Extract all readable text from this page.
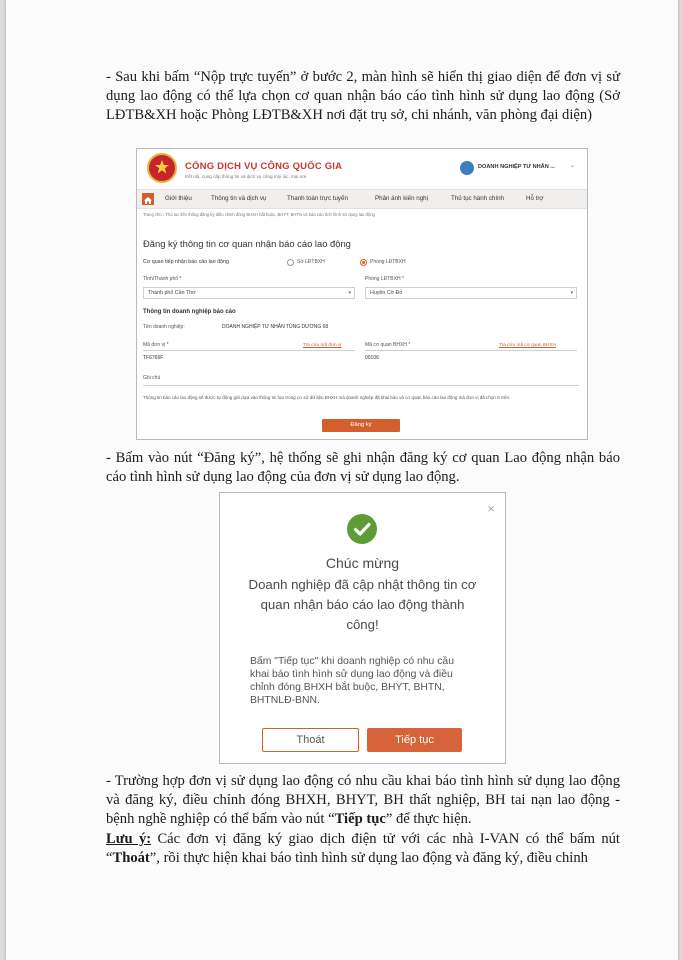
- Sau khi bấm “Nộp trực tuyến” ở bước 2, màn hình sẽ hiển thị giao diện để đơn vị sử dụng lao động có thể lựa chọn cơ quan nhận báo cáo tình hình sử dụng lao động (Sở LĐTB&XH hoặc Phòng LĐTB&XH nơi đặt trụ sở, chi nhánh, văn phòng đại diện)

CỔNG DỊCH VỤ CÔNG QUỐC GIA
Kết nối, cung cấp thông tin và dịch vụ công mọi lúc, mọi nơi
DOANH NGHIỆP TƯ NHÂN ...	⌄
Giới thiệu	Thông tin và dịch vụ	Thanh toán trực tuyến	Phản ánh kiến nghị	Thủ tục hành chính	Hỗ trợ
Trang chủ › Thủ tục liên thông đăng ký điều chỉnh đóng BHXH bắt buộc, BHYT, BHTN và báo cáo tình hình sử dụng lao động
Đăng ký thông tin cơ quan nhận báo cáo lao động
Cơ quan tiếp nhận báo cáo lao động	Sở LĐTBXH	Phòng LĐTBXH
Tỉnh/Thành phố *
Thành phố Cần Thơ	▾
Phòng LĐTBXH *
Huyện Cờ Đỏ	▾
Thông tin doanh nghiệp báo cáo
Tên doanh nghiệp:	DOANH NGHIỆP TƯ NHÂN TÙNG DƯƠNG 68
Mã đơn vị *	Tra cứu mã đơn vị
TF6766F
Mã cơ quan BHXH *	Tra cứu mã cơ quan BHXH
00106
Ghi chú
Thông tin báo cáo lao động sẽ được tự động gửi dựa vào thông tin lưu trong cơ sở dữ liệu BHXH mà doanh nghiệp đã khai báo và cơ quan báo cáo lao động mà đơn vị đã chọn ở trên.
Đăng ký

- Bấm vào nút “Đăng ký”, hệ thống sẽ ghi nhận đăng ký cơ quan Lao động nhận báo cáo tình hình sử dụng lao động của đơn vị sử dụng lao động.

×
Chúc mừng
Doanh nghiệp đã cập nhật thông tin cơ quan nhận báo cáo lao động thành công!
Bấm "Tiếp tục" khi doanh nghiệp có nhu cầu khai báo tình hình sử dụng lao động và điều chỉnh đóng BHXH bắt buộc, BHYT, BHTN, BHTNLĐ-BNN.
Thoát	Tiếp tục

- Trường hợp đơn vị sử dụng lao động có nhu cầu khai báo tình hình sử dụng lao động và đăng ký, điều chỉnh đóng BHXH, BHYT, BH thất nghiệp, BH tai nạn lao động - bệnh nghề nghiệp có thể bấm vào nút “Tiếp tục” để thực hiện.

Lưu ý: Các đơn vị đăng ký giao dịch điện tử với các nhà I-VAN có thể bấm nút “Thoát”, rồi thực hiện khai báo tình hình sử dụng lao động và đăng ký, điều chỉnh
